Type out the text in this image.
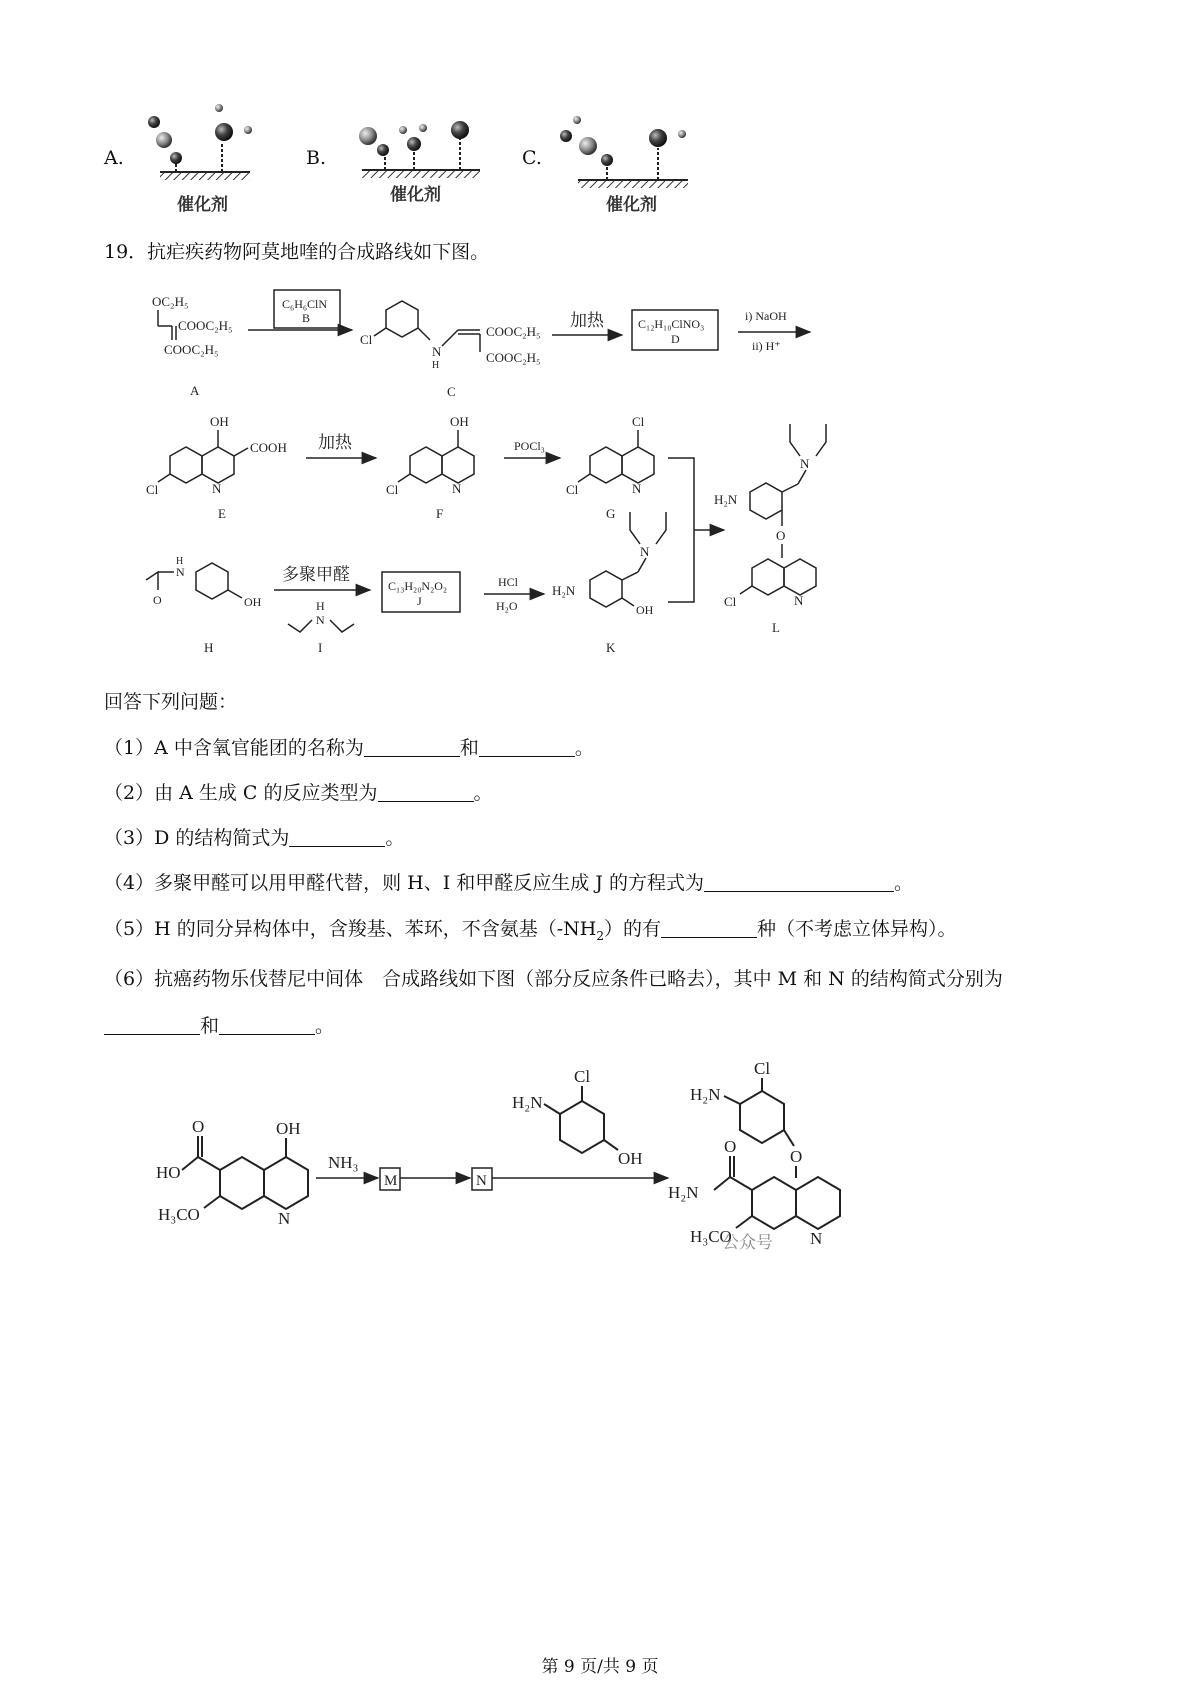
A.	B.	C.
催化剂	催化剂	催化剂
19．抗疟疾药物阿莫地喹的合成路线如下图。
OC₂H₅
COOC₂H₅
COOC₂H₅
A
C₆H₆ClN
B
Cl
N
H
COOC₂H₅
COOC₂H₅
C
加热	C₁₂H₁₀ClNO₃
D
i) NaOH
ii) H⁺
OH
COOH
N
Cl
E
加热
OH
N
Cl
F
POCl₃
Cl
N
Cl
G
H₂N
N
O
N
Cl
L
O
N
H
OH
H
多聚甲醛
H
N
I
C₁₃H₂₀N₂O₂
J
HCl
H₂O
H₂N
N
OH
K
回答下列问题：
（1）A 中含氧官能团的名称为	和	。
（2）由 A 生成 C 的反应类型为	。
（3）D 的结构简式为	。
（4）多聚甲醛可以用甲醛代替，则 H、I 和甲醛反应生成 J 的方程式为	。
（5）H 的同分异构体中，含羧基、苯环，不含氨基$(-NH_2)$的有	种（不考虑立体异构）。
（6）抗癌药物乐伐替尼中间体　合成路线如下图（部分反应条件已略去），其中 M 和 N 的结构简式分别为
和	。
OH
N
O
HO
H₃CO
NH₃
M	N
Cl
H₂N
OH
Cl
H₂N
O
N
O
H₂N
H₃CO
公众号
第 9 页/共 9 页
